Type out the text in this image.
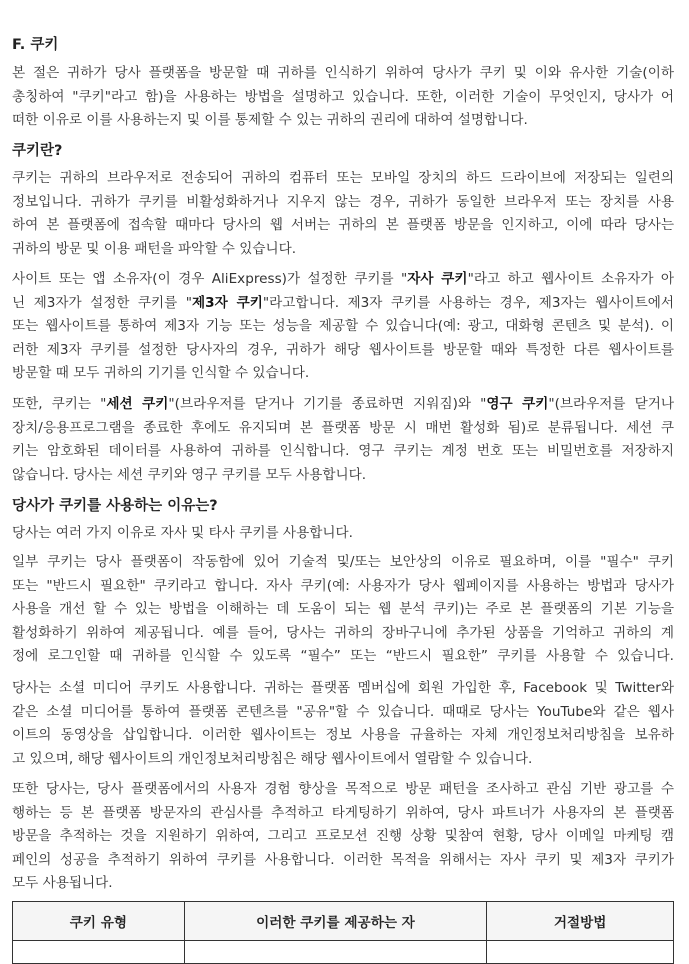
F. 쿠키
본 절은 귀하가 당사 플랫폼을 방문할 때 귀하를 인식하기 위하여 당사가 쿠키 및 이와 유사한 기술(이하
총칭하여 "쿠키"라고 함)을 사용하는 방법을 설명하고 있습니다. 또한, 이러한 기술이 무엇인지, 당사가 어
떠한 이유로 이를 사용하는지 및 이를 통제할 수 있는 귀하의 권리에 대하여 설명합니다.
쿠키란?
쿠키는 귀하의 브라우저로 전송되어 귀하의 컴퓨터 또는 모바일 장치의 하드 드라이브에 저장되는 일련의
정보입니다. 귀하가 쿠키를 비활성화하거나 지우지 않는 경우, 귀하가 동일한 브라우저 또는 장치를 사용
하여 본 플랫폼에 접속할 때마다 당사의 웹 서버는 귀하의 본 플랫폼 방문을 인지하고, 이에 따라 당사는
귀하의 방문 및 이용 패턴을 파악할 수 있습니다.
사이트 또는 앱 소유자(이 경우 AliExpress)가 설정한 쿠키를 "자사 쿠키"라고 하고 웹사이트 소유자가 아
닌 제3자가 설정한 쿠키를 "제3자 쿠키"라고합니다. 제3자 쿠키를 사용하는 경우, 제3자는 웹사이트에서
또는 웹사이트를 통하여 제3자 기능 또는 성능을 제공할 수 있습니다(예: 광고, 대화형 콘텐츠 및 분석). 이
러한 제3자 쿠키를 설정한 당사자의 경우, 귀하가 해당 웹사이트를 방문할 때와 특정한 다른 웹사이트를
방문할 때 모두 귀하의 기기를 인식할 수 있습니다.
또한, 쿠키는 "세션 쿠키"(브라우저를 닫거나 기기를 종료하면 지워짐)와 "영구 쿠키"(브라우저를 닫거나
장치/응용프로그램을 종료한 후에도 유지되며 본 플랫폼 방문 시 매번 활성화 됨)로 분류됩니다. 세션 쿠
키는 암호화된 데이터를 사용하여 귀하를 인식합니다. 영구 쿠키는 계정 번호 또는 비밀번호를 저장하지
않습니다. 당사는 세션 쿠키와 영구 쿠키를 모두 사용합니다.
당사가 쿠키를 사용하는 이유는?
당사는 여러 가지 이유로 자사 및 타사 쿠키를 사용합니다.
일부 쿠키는 당사 플랫폼이 작동함에 있어 기술적 및/또는 보안상의 이유로 필요하며, 이를 "필수" 쿠키
또는 "반드시 필요한" 쿠키라고 합니다. 자사 쿠키(예: 사용자가 당사 웹페이지를 사용하는 방법과 당사가
사용을 개선 할 수 있는 방법을 이해하는 데 도움이 되는 웹 분석 쿠키)는 주로 본 플랫폼의 기본 기능을
활성화하기 위하여 제공됩니다. 예를 들어, 당사는 귀하의 장바구니에 추가된 상품을 기억하고 귀하의 계
정에 로그인할 때 귀하를 인식할 수 있도록 “필수” 또는 “반드시 필요한” 쿠키를 사용할 수 있습니다.
당사는 소셜 미디어 쿠키도 사용합니다. 귀하는 플랫폼 멤버십에 회원 가입한 후, Facebook 및 Twitter와
같은 소셜 미디어를 통하여 플랫폼 콘텐츠를 "공유"할 수 있습니다. 때때로 당사는 YouTube와 같은 웹사
이트의 동영상을 삽입합니다. 이러한 웹사이트는 정보 사용을 규율하는 자체 개인정보처리방침을 보유하
고 있으며, 해당 웹사이트의 개인정보처리방침은 해당 웹사이트에서 열람할 수 있습니다.
또한 당사는, 당사 플랫폼에서의 사용자 경험 향상을 목적으로 방문 패턴을 조사하고 관심 기반 광고를 수
행하는 등 본 플랫폼 방문자의 관심사를 추적하고 타게팅하기 위하여, 당사 파트너가 사용자의 본 플랫폼
방문을 추적하는 것을 지원하기 위하여, 그리고 프로모션 진행 상황 및참여 현황, 당사 이메일 마케팅 캠
페인의 성공을 추적하기 위하여 쿠키를 사용합니다. 이러한 목적을 위해서는 자사 쿠키 및 제3자 쿠키가
모두 사용됩니다.
쿠키 유형	이러한 쿠키를 제공하는 자	거절방법
